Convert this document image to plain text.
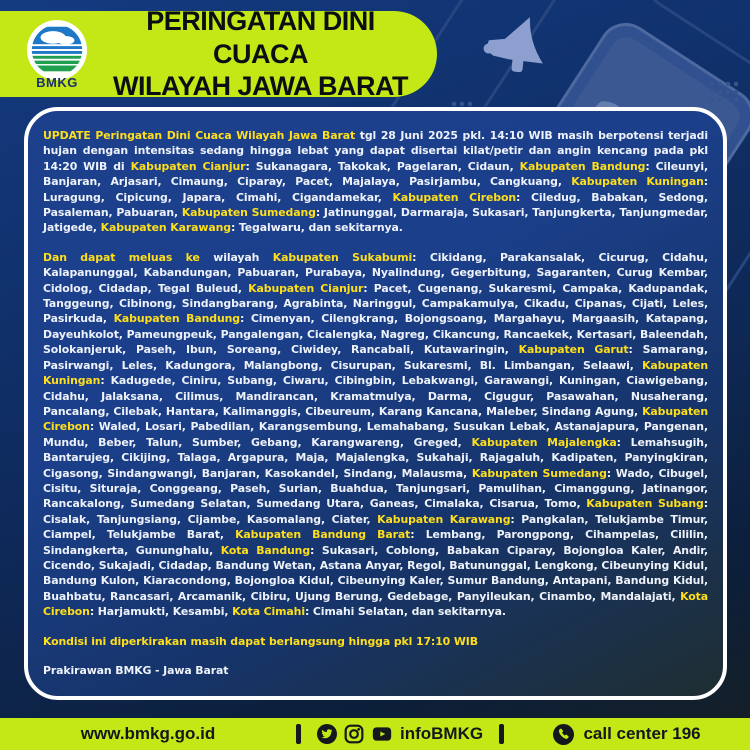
BMKG
PERINGATAN DINI CUACA
WILAYAH JAWA BARAT

UPDATE Peringatan Dini Cuaca Wilayah Jawa Barat tgl 28 Juni 2025 pkl. 14:10 WIB masih berpotensi terjadi hujan dengan intensitas sedang hingga lebat yang dapat disertai kilat/petir dan angin kencang pada pkl 14:20 WIB di Kabupaten Cianjur: Sukanagara, Takokak, Pagelaran, Cidaun, Kabupaten Bandung: Cileunyi, Banjaran, Arjasari, Cimaung, Ciparay, Pacet, Majalaya, Pasirjambu, Cangkuang, Kabupaten Kuningan: Luragung, Cipicung, Japara, Cimahi, Cigandamekar, Kabupaten Cirebon: Ciledug, Babakan, Sedong, Pasaleman, Pabuaran, Kabupaten Sumedang: Jatinunggal, Darmaraja, Sukasari, Tanjungkerta, Tanjungmedar, Jatigede, Kabupaten Karawang: Tegalwaru, dan sekitarnya.

Dan dapat meluas ke wilayah Kabupaten Sukabumi: Cikidang, Parakansalak, Cicurug, Cidahu, Kalapanunggal, Kabandungan, Pabuaran, Purabaya, Nyalindung, Gegerbitung, Sagaranten, Curug Kembar, Cidolog, Cidadap, Tegal Buleud, Kabupaten Cianjur: Pacet, Cugenang, Sukaresmi, Campaka, Kadupandak, Tanggeung, Cibinong, Sindangbarang, Agrabinta, Naringgul, Campakamulya, Cikadu, Cipanas, Cijati, Leles, Pasirkuda, Kabupaten Bandung: Cimenyan, Cilengkrang, Bojongsoang, Margahayu, Margaasih, Katapang, Dayeuhkolot, Pameungpeuk, Pangalengan, Cicalengka, Nagreg, Cikancung, Rancaekek, Kertasari, Baleendah, Solokanjeruk, Paseh, Ibun, Soreang, Ciwidey, Rancabali, Kutawaringin, Kabupaten Garut: Samarang, Pasirwangi, Leles, Kadungora, Malangbong, Cisurupan, Sukaresmi, Bl. Limbangan, Selaawi, Kabupaten Kuningan: Kadugede, Ciniru, Subang, Ciwaru, Cibingbin, Lebakwangi, Garawangi, Kuningan, Ciawigebang, Cidahu, Jalaksana, Cilimus, Mandirancan, Kramatmulya, Darma, Cigugur, Pasawahan, Nusaherang, Pancalang, Cilebak, Hantara, Kalimanggis, Cibeureum, Karang Kancana, Maleber, Sindang Agung, Kabupaten Cirebon: Waled, Losari, Pabedilan, Karangsembung, Lemahabang, Susukan Lebak, Astanajapura, Pangenan, Mundu, Beber, Talun, Sumber, Gebang, Karangwareng, Greged, Kabupaten Majalengka: Lemahsugih, Bantarujeg, Cikijing, Talaga, Argapura, Maja, Majalengka, Sukahaji, Rajagaluh, Kadipaten, Panyingkiran, Cigasong, Sindangwangi, Banjaran, Kasokandel, Sindang, Malausma, Kabupaten Sumedang: Wado, Cibugel, Cisitu, Situraja, Conggeang, Paseh, Surian, Buahdua, Tanjungsari, Pamulihan, Cimanggung, Jatinangor, Rancakalong, Sumedang Selatan, Sumedang Utara, Ganeas, Cimalaka, Cisarua, Tomo, Kabupaten Subang: Cisalak, Tanjungsiang, Cijambe, Kasomalang, Ciater, Kabupaten Karawang: Pangkalan, Telukjambe Timur, Ciampel, Telukjambe Barat, Kabupaten Bandung Barat: Lembang, Parongpong, Cihampelas, Cililin, Sindangkerta, Gununghalu, Kota Bandung: Sukasari, Coblong, Babakan Ciparay, Bojongloa Kaler, Andir, Cicendo, Sukajadi, Cidadap, Bandung Wetan, Astana Anyar, Regol, Batununggal, Lengkong, Cibeunying Kidul, Bandung Kulon, Kiaracondong, Bojongloa Kidul, Cibeunying Kaler, Sumur Bandung, Antapani, Bandung Kidul, Buahbatu, Rancasari, Arcamanik, Cibiru, Ujung Berung, Gedebage, Panyileukan, Cinambo, Mandalajati, Kota Cirebon: Harjamukti, Kesambi, Kota Cimahi: Cimahi Selatan, dan sekitarnya.

Kondisi ini diperkirakan masih dapat berlangsung hingga pkl 17:10 WIB

Prakirawan BMKG - Jawa Barat

www.bmkg.go.id	infoBMKG	call center 196
